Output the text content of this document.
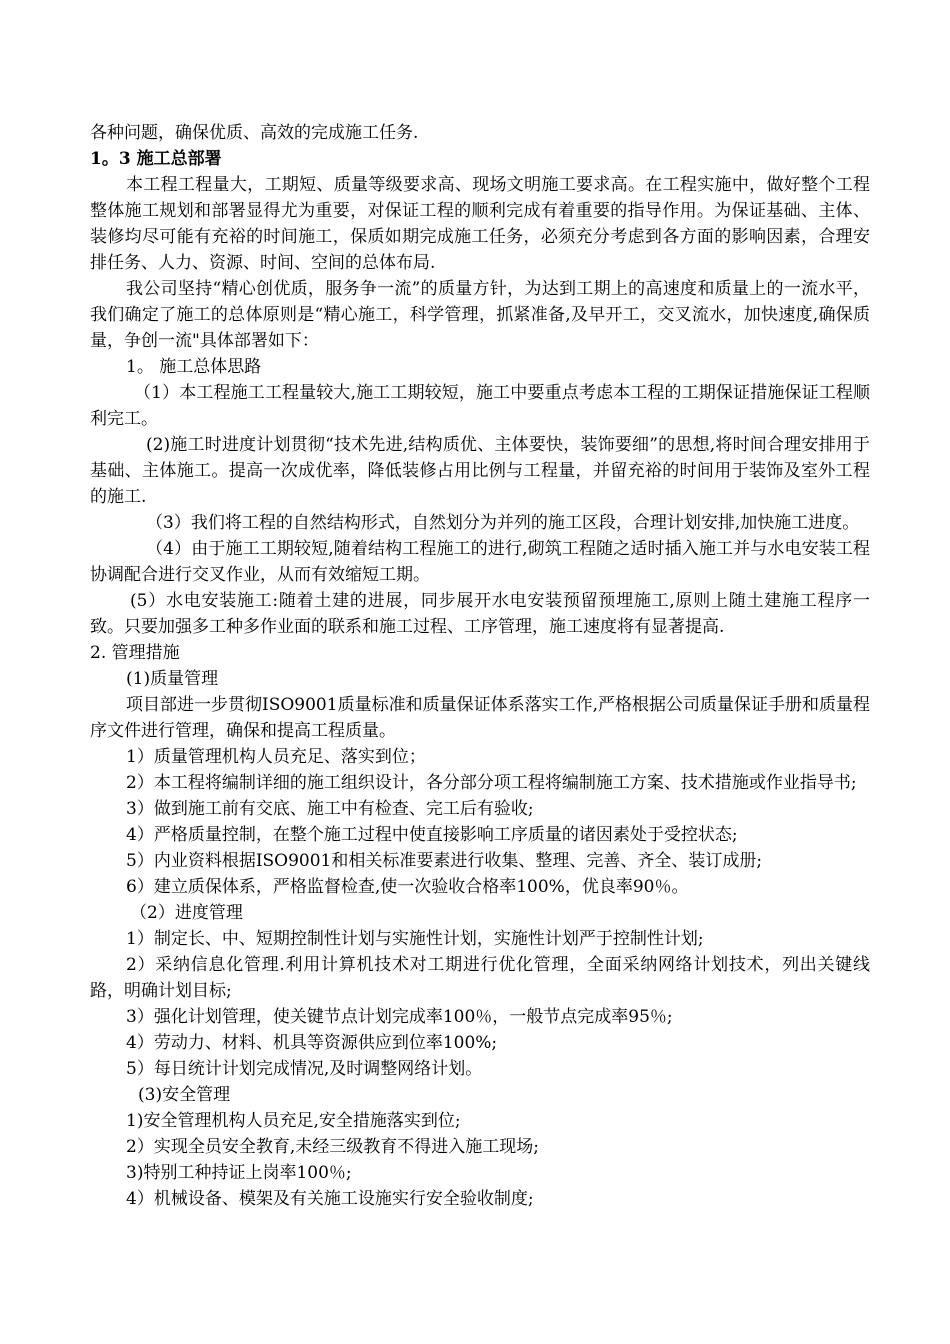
各种问题，确保优质、高效的完成施工任务.

1。3 施工总部署

本工程工程量大，工期短、质量等级要求高、现场文明施工要求高。在工程实施中，做好整个工程整体施工规划和部署显得尤为重要，对保证工程的顺利完成有着重要的指导作用。为保证基础、主体、装修均尽可能有充裕的时间施工，保质如期完成施工任务，必须充分考虑到各方面的影响因素，合理安排任务、人力、资源、时间、空间的总体布局.

我公司坚持“精心创优质，服务争一流”的质量方针，为达到工期上的高速度和质量上的一流水平，我们确定了施工的总体原则是“精心施工，科学管理，抓紧准备,及早开工，交叉流水，加快速度,确保质量，争创一流"具体部署如下：

1。 施工总体思路

（1）本工程施工工程量较大,施工工期较短，施工中要重点考虑本工程的工期保证措施保证工程顺利完工。

(2)施工时进度计划贯彻“技术先进,结构质优、主体要快，装饰要细”的思想,将时间合理安排用于基础、主体施工。提高一次成优率，降低装修占用比例与工程量，并留充裕的时间用于装饰及室外工程的施工.

（3）我们将工程的自然结构形式，自然划分为并列的施工区段，合理计划安排,加快施工进度。

（4）由于施工工期较短,随着结构工程施工的进行,砌筑工程随之适时插入施工并与水电安装工程协调配合进行交叉作业，从而有效缩短工期。

(5）水电安装施工:随着土建的进展，同步展开水电安装预留预埋施工,原则上随土建施工程序一致。只要加强多工种多作业面的联系和施工过程、工序管理，施工速度将有显著提高.

2. 管理措施

(1)质量管理

项目部进一步贯彻ISO9001质量标准和质量保证体系落实工作,严格根据公司质量保证手册和质量程序文件进行管理，确保和提高工程质量。

1）质量管理机构人员充足、落实到位；

2）本工程将编制详细的施工组织设计，各分部分项工程将编制施工方案、技术措施或作业指导书;

3）做到施工前有交底、施工中有检查、完工后有验收;

4）严格质量控制，在整个施工过程中使直接影响工序质量的诸因素处于受控状态;

5）内业资料根据ISO9001和相关标准要素进行收集、整理、完善、齐全、装订成册;

6）建立质保体系，严格监督检查,使一次验收合格率100%，优良率90％。

（2）进度管理

1）制定长、中、短期控制性计划与实施性计划，实施性计划严于控制性计划;

2）采纳信息化管理.利用计算机技术对工期进行优化管理，全面采纳网络计划技术，列出关键线路，明确计划目标;

3）强化计划管理，使关键节点计划完成率100％，一般节点完成率95％;

4）劳动力、材料、机具等资源供应到位率100%;

5）每日统计计划完成情况,及时调整网络计划。

(3)安全管理

1)安全管理机构人员充足,安全措施落实到位;

2）实现全员安全教育,未经三级教育不得进入施工现场;

3)特别工种持证上岗率100％;

4）机械设备、模架及有关施工设施实行安全验收制度;
